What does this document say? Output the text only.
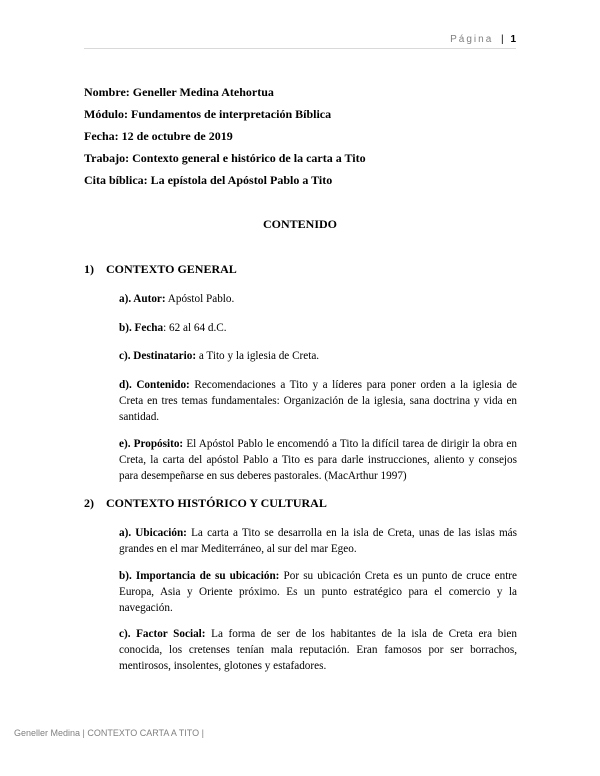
Página | 1
Nombre: Geneller Medina Atehortua
Módulo: Fundamentos de interpretación Bíblica
Fecha: 12 de octubre de 2019
Trabajo: Contexto general e histórico de la carta a Tito
Cita bíblica: La epístola del Apóstol Pablo a Tito
CONTENIDO
1) CONTEXTO GENERAL
a). Autor: Apóstol Pablo.
b). Fecha: 62 al 64 d.C.
c). Destinatario: a Tito y la iglesia de Creta.
d). Contenido: Recomendaciones a Tito y a líderes para poner orden a la iglesia de Creta en tres temas fundamentales: Organización de la iglesia, sana doctrina y vida en santidad.
e). Propósito: El Apóstol Pablo le encomendó a Tito la difícil tarea de dirigir la obra en Creta, la carta del apóstol Pablo a Tito es para darle instrucciones, aliento y consejos para desempeñarse en sus deberes pastorales. (MacArthur 1997)
2) CONTEXTO HISTÓRICO Y CULTURAL
a). Ubicación: La carta a Tito se desarrolla en la isla de Creta, unas de las islas más grandes en el mar Mediterráneo, al sur del mar Egeo.
b). Importancia de su ubicación: Por su ubicación Creta es un punto de cruce entre Europa, Asia y Oriente próximo. Es un punto estratégico para el comercio y la navegación.
c). Factor Social: La forma de ser de los habitantes de la isla de Creta era bien conocida, los cretenses tenían mala reputación. Eran famosos por ser borrachos, mentirosos, insolentes, glotones y estafadores.
Geneller Medina | CONTEXTO CARTA A TITO |
